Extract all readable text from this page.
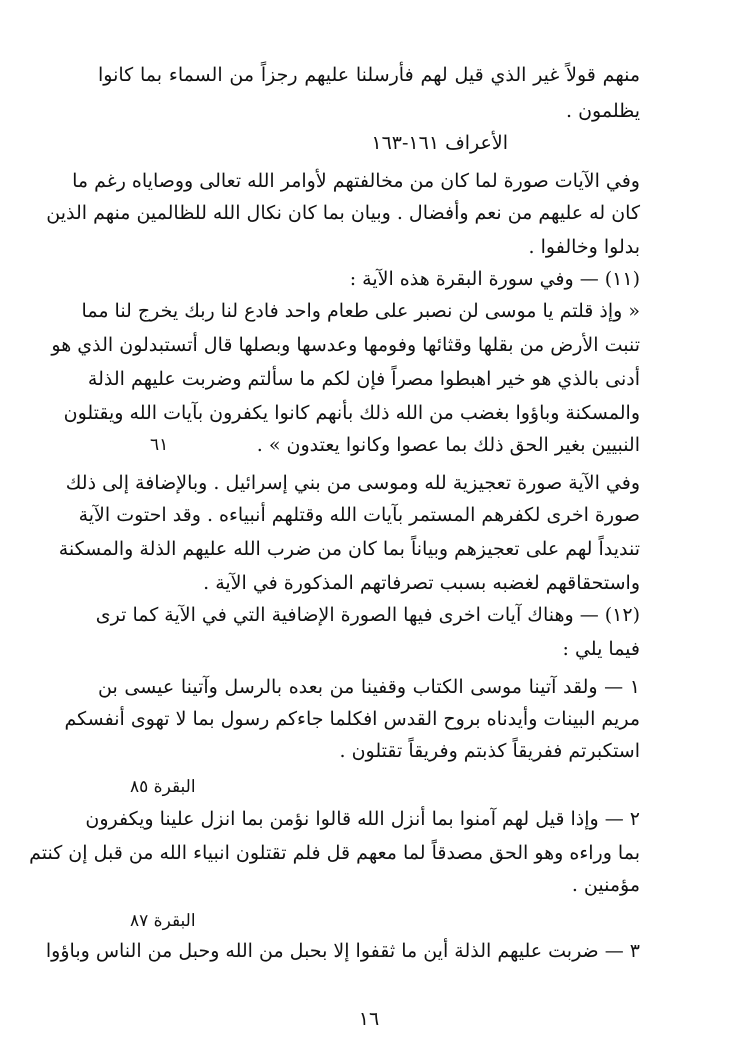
منهم قولاً غير الذي قيل لهم فأرسلنا عليهم رجزاً من السماء بما كانوا
يظلمون .
الأعراف ١٦١-١٦٣
وفي الآيات صورة لما كان من مخالفتهم لأوامر الله تعالى ووصاياه رغم ما
كان له عليهم من نعم وأفضال . وبيان بما كان نكال الله للظالمين منهم الذين
بدلوا وخالفوا .
(١١) — وفي سورة البقرة هذه الآية :
« وإذ قلتم يا موسى لن نصبر على طعام واحد فادع لنا ربك يخرج لنا مما
تنبت الأرض من بقلها وقثائها وفومها وعدسها وبصلها قال أتستبدلون الذي هو
أدنى بالذي هو خير اهبطوا مصراً فإن لكم ما سألتم وضربت عليهم الذلة
والمسكنة وباؤوا بغضب من الله ذلك بأنهم كانوا يكفرون بآيات الله ويقتلون
النبيين بغير الحق ذلك بما عصوا وكانوا يعتدون » .
٦١
وفي الآية صورة تعجيزية لله وموسى من بني إسرائيل . وبالإضافة إلى ذلك
صورة اخرى لكفرهم المستمر بآيات الله وقتلهم أنبياءه . وقد احتوت الآية
تنديداً لهم على تعجيزهم وبياناً بما كان من ضرب الله عليهم الذلة والمسكنة
واستحقاقهم لغضبه بسبب تصرفاتهم المذكورة في الآية .
(١٢) — وهناك آيات اخرى فيها الصورة الإضافية التي في الآية كما ترى
فيما يلي :
١ — ولقد آتينا موسى الكتاب وقفينا من بعده بالرسل وآتينا عيسى بن
مريم البينات وأيدناه بروح القدس افكلما جاءكم رسول بما لا تهوى أنفسكم
استكبرتم ففريقاً كذبتم وفريقاً تقتلون .
البقرة ٨٥
٢ — وإذا قيل لهم آمنوا بما أنزل الله قالوا نؤمن بما انزل علينا ويكفرون
بما وراءه وهو الحق مصدقاً لما معهم قل فلم تقتلون انبياء الله من قبل إن كنتم
مؤمنين .
البقرة ٨٧
٣ — ضربت عليهم الذلة أين ما ثقفوا إلا بحبل من الله وحبل من الناس وباؤوا
١٦
